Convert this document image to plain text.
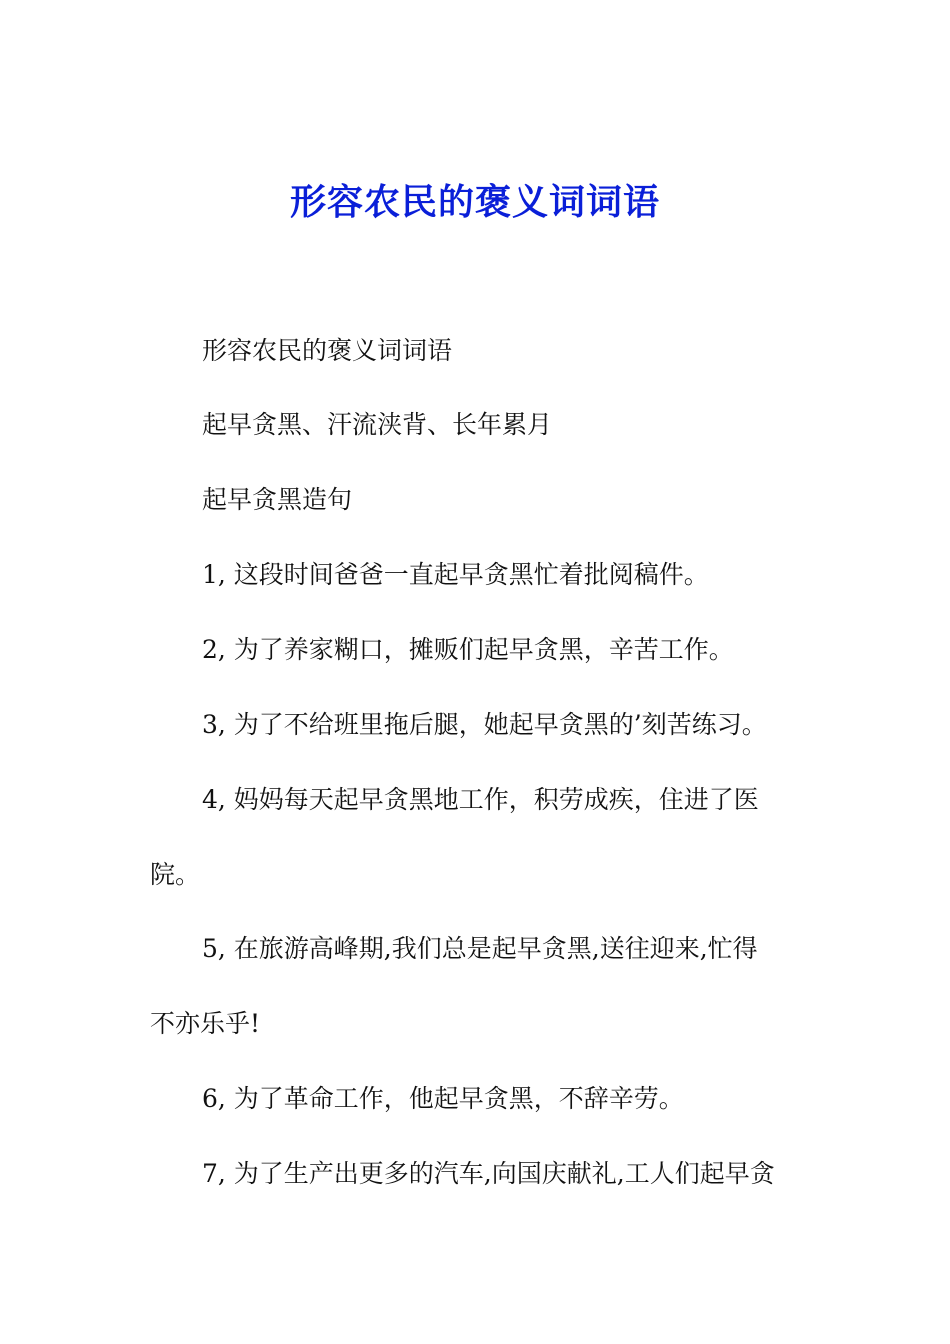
形容农民的褒义词词语
形容农民的褒义词词语
起早贪黑、汗流浃背、长年累月
起早贪黑造句
1, 这段时间爸爸一直起早贪黑忙着批阅稿件。
2, 为了养家糊口，摊贩们起早贪黑，辛苦工作。
3, 为了不给班里拖后腿，她起早贪黑的’刻苦练习。
4, 妈妈每天起早贪黑地工作，积劳成疾，住进了医
院。
5, 在旅游高峰期,我们总是起早贪黑,送往迎来,忙得
不亦乐乎!
6, 为了革命工作，他起早贪黑，不辞辛劳。
7, 为了生产出更多的汽车,向国庆献礼,工人们起早贪
